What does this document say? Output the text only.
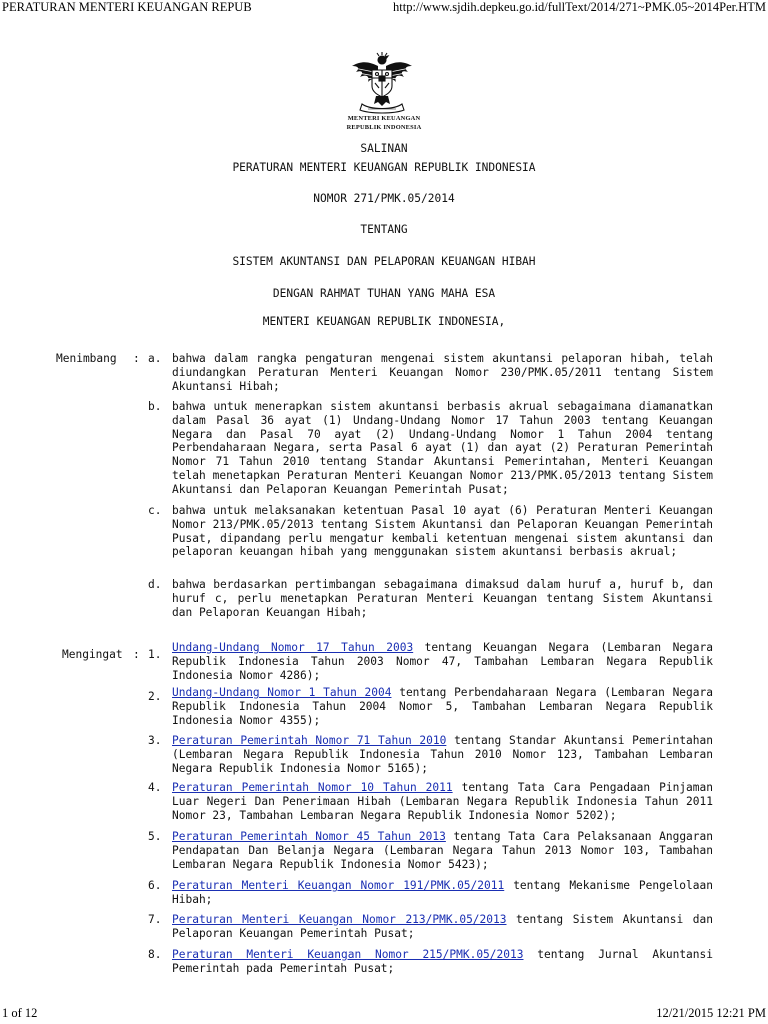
PERATURAN MENTERI KEUANGAN REPUB	http://www.sjdih.depkeu.go.id/fullText/2014/271~PMK.05~2014Per.HTM
MENTERI KEUANGAN
REPUBLIK INDONESIA
SALINAN
PERATURAN MENTERI KEUANGAN REPUBLIK INDONESIA
NOMOR 271/PMK.05/2014
TENTANG
SISTEM AKUNTANSI DAN PELAPORAN KEUANGAN HIBAH
DENGAN RAHMAT TUHAN YANG MAHA ESA
MENTERI KEUANGAN REPUBLIK INDONESIA,
Menimbang : a. bahwa dalam rangka pengaturan mengenai sistem akuntansi pelaporan hibah, telah diundangkan Peraturan Menteri Keuangan Nomor 230/PMK.05/2011 tentang Sistem Akuntansi Hibah;
b. bahwa untuk menerapkan sistem akuntansi berbasis akrual sebagaimana diamanatkan dalam Pasal 36 ayat (1) Undang-Undang Nomor 17 Tahun 2003 tentang Keuangan Negara dan Pasal 70 ayat (2) Undang-Undang Nomor 1 Tahun 2004 tentang Perbendaharaan Negara, serta Pasal 6 ayat (1) dan ayat (2) Peraturan Pemerintah Nomor 71 Tahun 2010 tentang Standar Akuntansi Pemerintahan, Menteri Keuangan telah menetapkan Peraturan Menteri Keuangan Nomor 213/PMK.05/2013 tentang Sistem Akuntansi dan Pelaporan Keuangan Pemerintah Pusat;
c. bahwa untuk melaksanakan ketentuan Pasal 10 ayat (6) Peraturan Menteri Keuangan Nomor 213/PMK.05/2013 tentang Sistem Akuntansi dan Pelaporan Keuangan Pemerintah Pusat, dipandang perlu mengatur kembali ketentuan mengenai sistem akuntansi dan pelaporan keuangan hibah yang menggunakan sistem akuntansi berbasis akrual;
d. bahwa berdasarkan pertimbangan sebagaimana dimaksud dalam huruf a, huruf b, dan huruf c, perlu menetapkan Peraturan Menteri Keuangan tentang Sistem Akuntansi dan Pelaporan Keuangan Hibah;
Mengingat : 1.
Undang-Undang Nomor 17 Tahun 2003 tentang Keuangan Negara (Lembaran Negara Republik Indonesia Tahun 2003 Nomor 47, Tambahan Lembaran Negara Republik Indonesia Nomor 4286);
2. Undang-Undang Nomor 1 Tahun 2004 tentang Perbendaharaan Negara (Lembaran Negara Republik Indonesia Tahun 2004 Nomor 5, Tambahan Lembaran Negara Republik Indonesia Nomor 4355);
3. Peraturan Pemerintah Nomor 71 Tahun 2010 tentang Standar Akuntansi Pemerintahan (Lembaran Negara Republik Indonesia Tahun 2010 Nomor 123, Tambahan Lembaran Negara Republik Indonesia Nomor 5165);
4. Peraturan Pemerintah Nomor 10 Tahun 2011 tentang Tata Cara Pengadaan Pinjaman Luar Negeri Dan Penerimaan Hibah (Lembaran Negara Republik Indonesia Tahun 2011 Nomor 23, Tambahan Lembaran Negara Republik Indonesia Nomor 5202);
5. Peraturan Pemerintah Nomor 45 Tahun 2013 tentang Tata Cara Pelaksanaan Anggaran Pendapatan Dan Belanja Negara (Lembaran Negara Tahun 2013 Nomor 103, Tambahan Lembaran Negara Republik Indonesia Nomor 5423);
6. Peraturan Menteri Keuangan Nomor 191/PMK.05/2011 tentang Mekanisme Pengelolaan Hibah;
7. Peraturan Menteri Keuangan Nomor 213/PMK.05/2013 tentang Sistem Akuntansi dan Pelaporan Keuangan Pemerintah Pusat;
8. Peraturan Menteri Keuangan Nomor 215/PMK.05/2013 tentang Jurnal Akuntansi Pemerintah pada Pemerintah Pusat;
1 of 12	12/21/2015 12:21 PM
